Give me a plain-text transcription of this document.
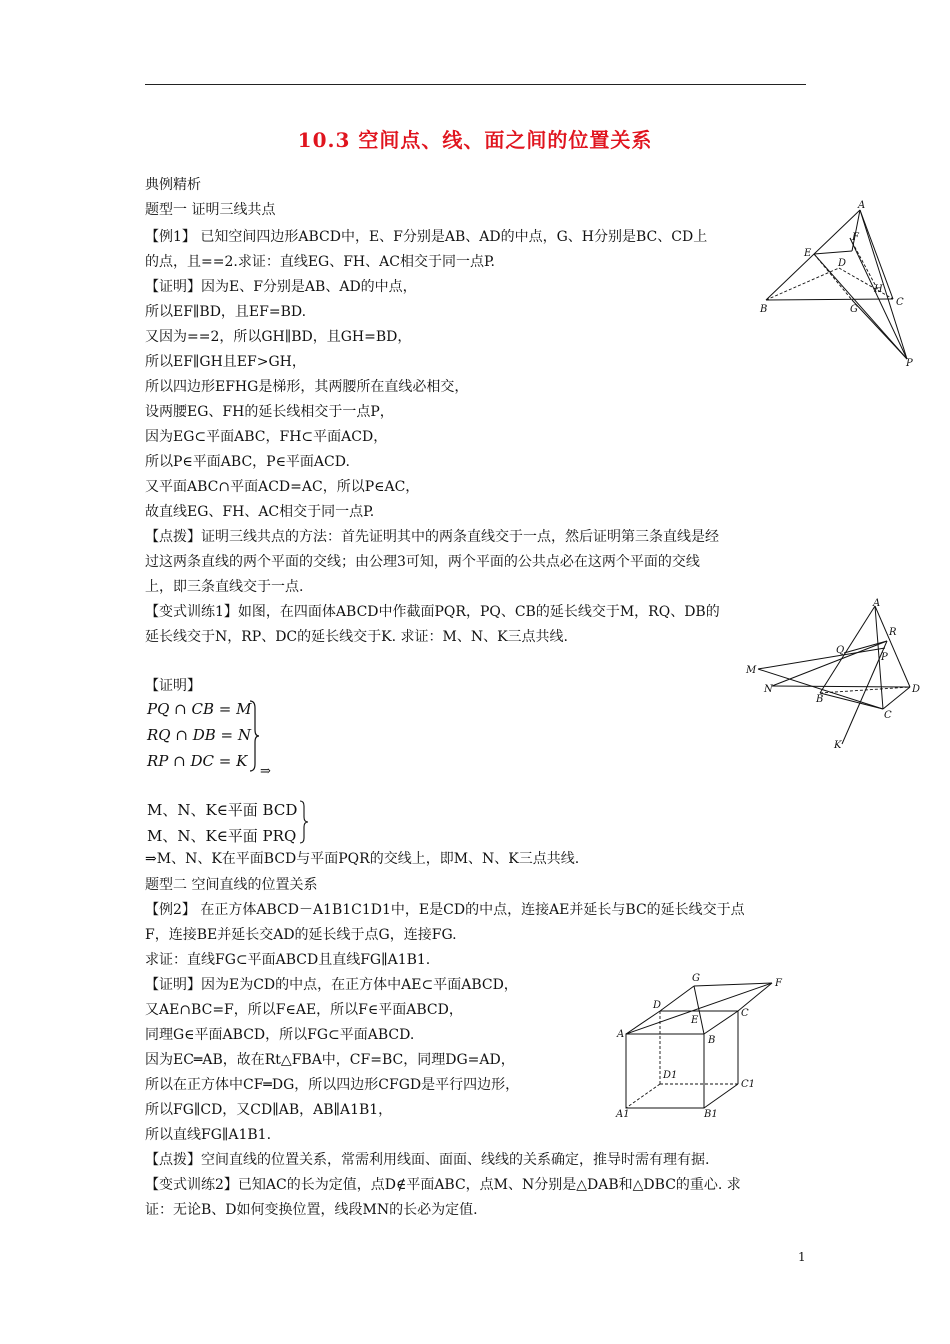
10.3 空间点、线、面之间的位置关系
典例精析
题型一 证明三线共点
【例1】 已知空间四边形ABCD中，E、F分别是AB、AD的中点，G、H分别是BC、CD上
的点，且==2.求证：直线EG、FH、AC相交于同一点P.
【证明】因为E、F分别是AB、AD的中点，
所以EF∥BD，且EF=BD.
又因为==2，所以GH∥BD，且GH=BD，
所以EF∥GH且EF>GH，
所以四边形EFHG是梯形，其两腰所在直线必相交，
设两腰EG、FH的延长线相交于一点P，
因为EG⊂平面ABC，FH⊂平面ACD，
所以P∈平面ABC，P∈平面ACD.
又平面ABC∩平面ACD=AC，所以P∈AC，
故直线EG、FH、AC相交于同一点P.
【点拨】证明三线共点的方法：首先证明其中的两条直线交于一点，然后证明第三条直线是经
过这两条直线的两个平面的交线；由公理3可知，两个平面的公共点必在这两个平面的交线
上，即三条直线交于一点.
【变式训练1】如图，在四面体ABCD中作截面PQR，PQ、CB的延长线交于M，RQ、DB的
延长线交于N，RP、DC的延长线交于K. 求证：M、N、K三点共线.
【证明】
PQ ∩ CB = M
RQ ∩ DB = N
RP ∩ DC = K
⇒
M、N、K∈平面 BCD
M、N、K∈平面 PRQ
⇒M、N、K在平面BCD与平面PQR的交线上，即M、N、K三点共线.
题型二 空间直线的位置关系
【例2】 在正方体ABCD－A1B1C1D1中，E是CD的中点，连接AE并延长与BC的延长线交于点
F，连接BE并延长交AD的延长线于点G，连接FG.
求证：直线FG⊂平面ABCD且直线FG∥A1B1.
【证明】因为E为CD的中点，在正方体中AE⊂平面ABCD，
又AE∩BC=F，所以F∈AE，所以F∈平面ABCD，
同理G∈平面ABCD，所以FG⊂平面ABCD.
因为EC═AB，故在Rt△FBA中，CF=BC，同理DG=AD，
所以在正方体中CF═DG，所以四边形CFGD是平行四边形，
所以FG∥CD，又CD∥AB，AB∥A1B1，
所以直线FG∥A1B1.
【点拨】空间直线的位置关系，常需利用线面、面面、线线的关系确定，推导时需有理有据.
【变式训练2】已知AC的长为定值，点D∉平面ABC，点M、N分别是△DAB和△DBC的重心. 求
证：无论B、D如何变换位置，线段MN的长必为定值.
A
E
F
D
H
C
B	G
P
A
R
Q
P
M
N	D
B
C
K
G	F
D
C
A
E
B
D1
C1
A1	B1
1
